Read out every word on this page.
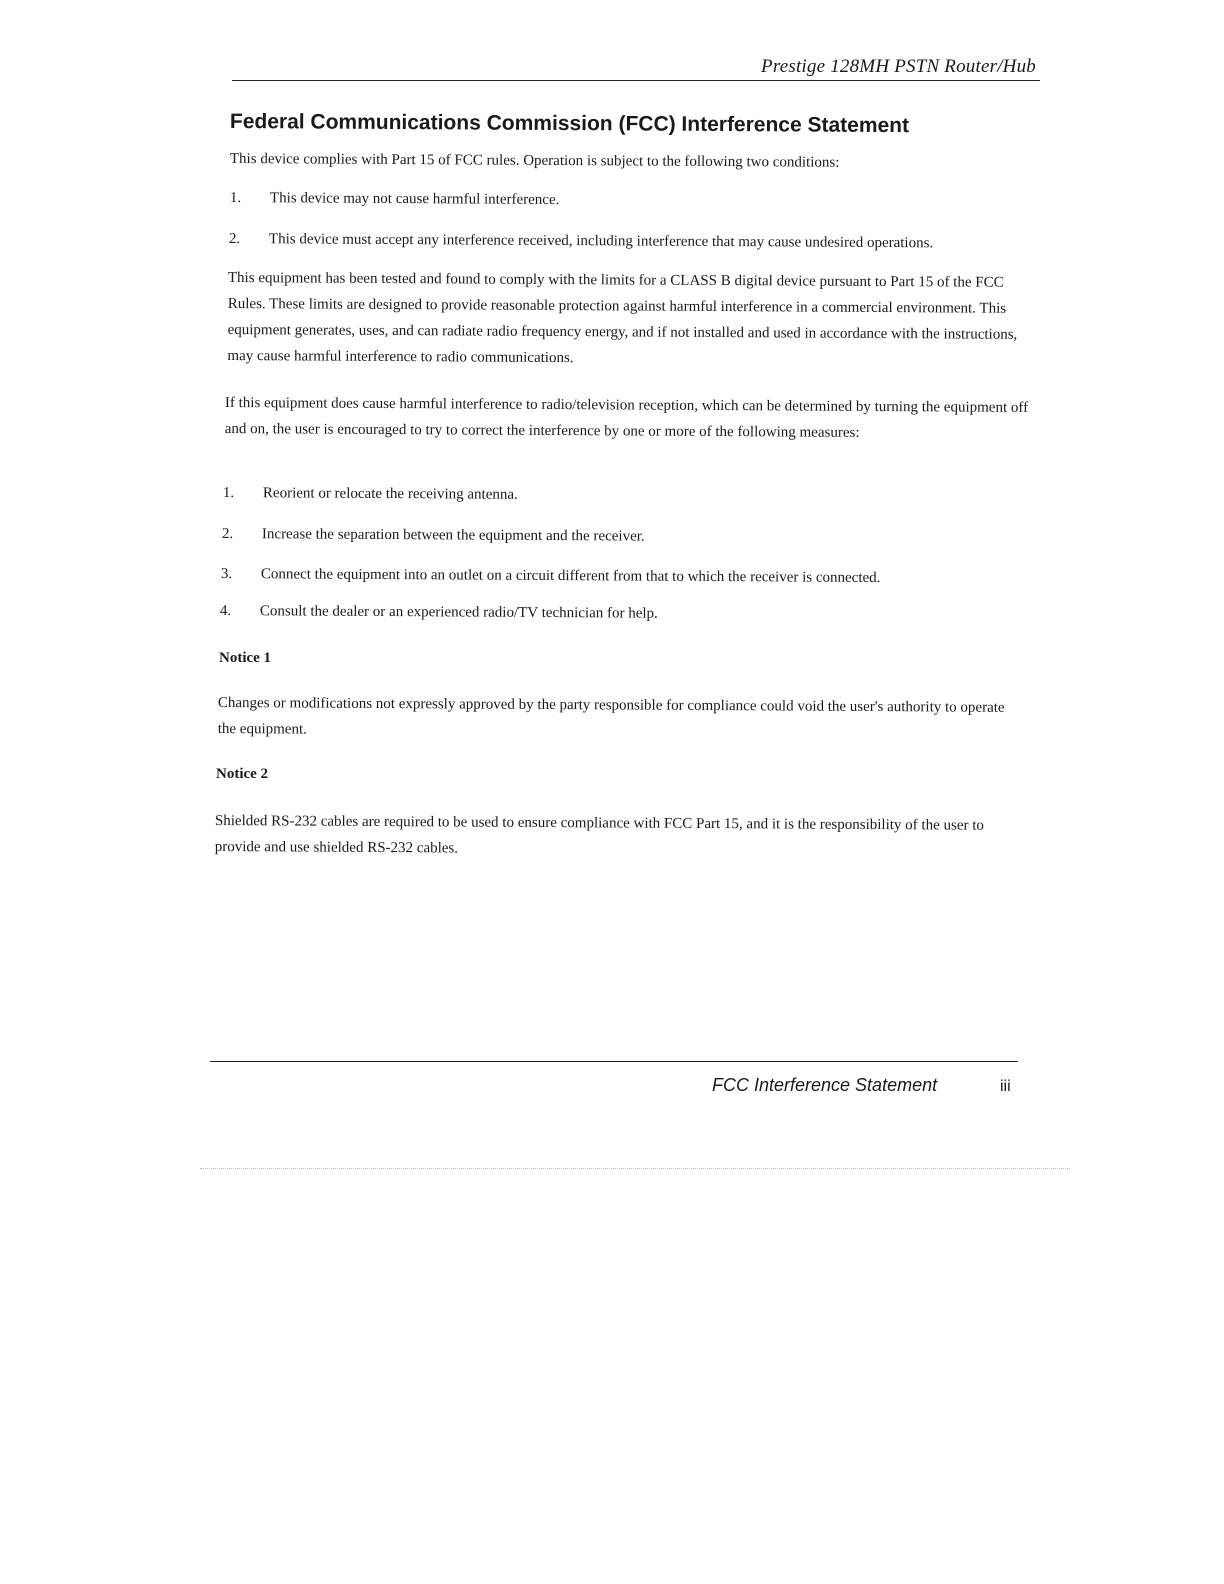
Prestige 128MH PSTN Router/Hub
Federal Communications Commission (FCC) Interference Statement
This device complies with Part 15 of FCC rules. Operation is subject to the following two conditions:
1. This device may not cause harmful interference.
2. This device must accept any interference received, including interference that may cause undesired operations.
This equipment has been tested and found to comply with the limits for a CLASS B digital device pursuant to Part 15 of the FCC Rules. These limits are designed to provide reasonable protection against harmful interference in a commercial environment. This equipment generates, uses, and can radiate radio frequency energy, and if not installed and used in accordance with the instructions, may cause harmful interference to radio communications.
If this equipment does cause harmful interference to radio/television reception, which can be determined by turning the equipment off and on, the user is encouraged to try to correct the interference by one or more of the following measures:
1. Reorient or relocate the receiving antenna.
2. Increase the separation between the equipment and the receiver.
3. Connect the equipment into an outlet on a circuit different from that to which the receiver is connected.
4. Consult the dealer or an experienced radio/TV technician for help.
Notice 1
Changes or modifications not expressly approved by the party responsible for compliance could void the user's authority to operate the equipment.
Notice 2
Shielded RS-232 cables are required to be used to ensure compliance with FCC Part 15, and it is the responsibility of the user to provide and use shielded RS-232 cables.
FCC Interference Statement	iii
